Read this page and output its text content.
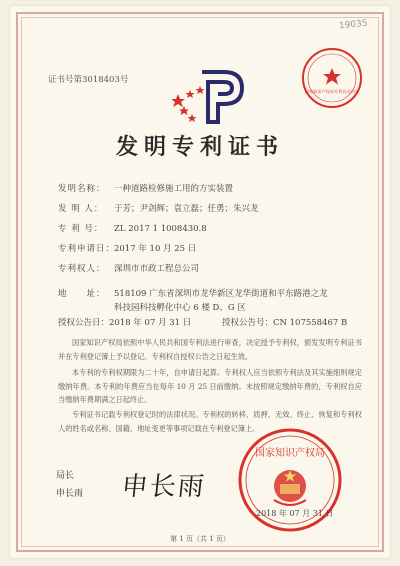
19035
证书号第3018403号
国家知识产权局专利局专用章
发明专利证书
发明名称： 一种道路检修施工用的方实装置
发 明 人： 于芳；尹剑辉；袁立磊；任勇；朱兴龙
专 利 号： ZL 2017 1 1008430.8
专利申请日：2017 年 10 月 25 日
专利权人： 深圳市市政工程总公司
地　　址： 518109 广东省深圳市龙华新区龙华街道和平东路港之龙
科技园科技孵化中心 6 楼 D、G 区
授权公告日：2018 年 07 月 31 日	授权公告号：CN 107558467 B
国家知识产权局依照中华人民共和国专利法进行审查，决定授予专利权，颁发发明专利证书并在专利登记簿上予以登记。专利权自授权公告之日起生效。
本专利的专利权期限为二十年，自申请日起算。专利权人应当依照专利法及其实施细则规定缴纳年费。本专利的年费应当在每年 10 月 25 日前缴纳。未按照规定缴纳年费的，专利权自应当缴纳年费期满之日起终止。
专利证书记载专利权登记时的法律状况。专利权的转移、质押、无效、终止、恢复和专利权人的姓名或名称、国籍、地址变更等事项记载在专利登记簿上。
局长
申长雨 申长雨
国家知识产权局
2018 年 07 月 31 日
第 1 页（共 1 页）
